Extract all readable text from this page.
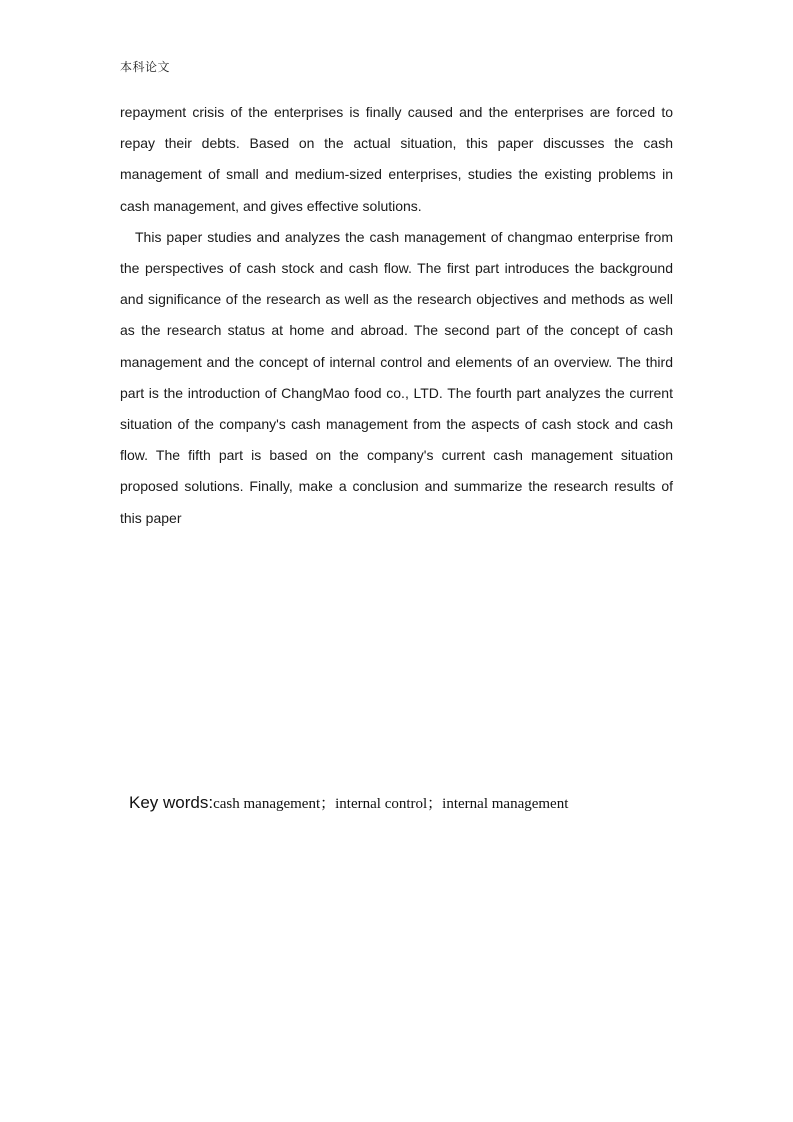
本科论文

repayment crisis of the enterprises is finally caused and the enterprises are forced to repay their debts. Based on the actual situation, this paper discusses the cash management of small and medium-sized enterprises, studies the existing problems in cash management, and gives effective solutions.

This paper studies and analyzes the cash management of changmao enterprise from the perspectives of cash stock and cash flow. The first part introduces the background and significance of the research as well as the research objectives and methods as well as the research status at home and abroad. The second part of the concept of cash management and the concept of internal control and elements of an overview. The third part is the introduction of ChangMao food co., LTD. The fourth part analyzes the current situation of the company's cash management from the aspects of cash stock and cash flow. The fifth part is based on the company's current cash management situation proposed solutions. Finally, make a conclusion and summarize the research results of this paper

Key words:cash management；internal control；internal management
